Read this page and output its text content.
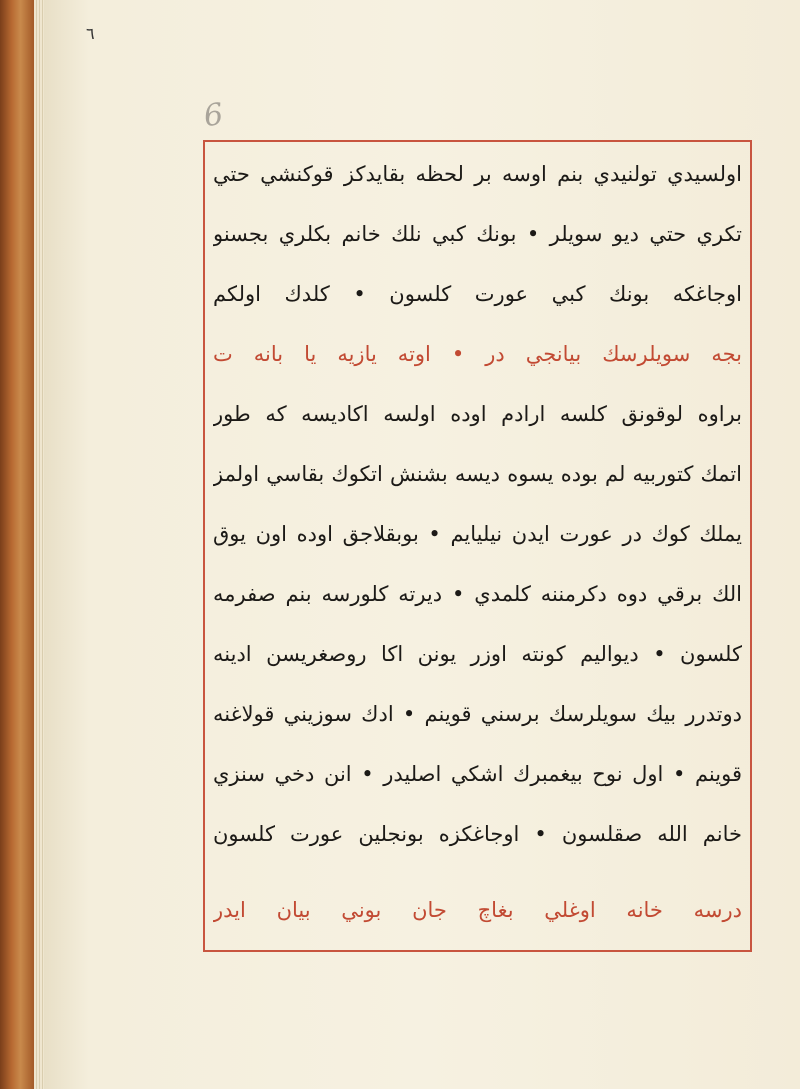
٦
6
اولسيدي تولنيدي بنم اوسه بر لحظه بقايدكز قوكنشي حتي
تكري حتي ديو سويلر • بونك كبي نلك خانم بكلري بجسنو
اوجاغكه بونك كبي عورت كلسون • كلدك اولكم
بجه سويلرسك بيانجي در • اوته يازيه يا بانه ت
براوه لوقونق كلسه ارادم اوده اولسه اكاديسه كه طور
اتمك كتوربيه لم بوده يسوه ديسه بشنش اتكوك بقاسي اولمز
يملك كوك در عورت ايدن نيليايم • بوبقلاجق اوده اون يوق
الك برقي دوه دكرمننه كلمدي • ديرته كلورسه بنم صفرمه
كلسون • ديواليم كونته اوزر يونن اكا روصغريسن ادينه
دوتدرر بيك سويلرسك برسني قوينم • ادك سوزيني قولاغنه
قوينم • اول نوح بيغمبرك اشكي اصليدر • انن دخي سنزي
خانم الله صقلسون • اوجاغكزه بونجلين عورت كلسون
درسه خانه اوغلي بغاچ جان بوني بيان ايدر
